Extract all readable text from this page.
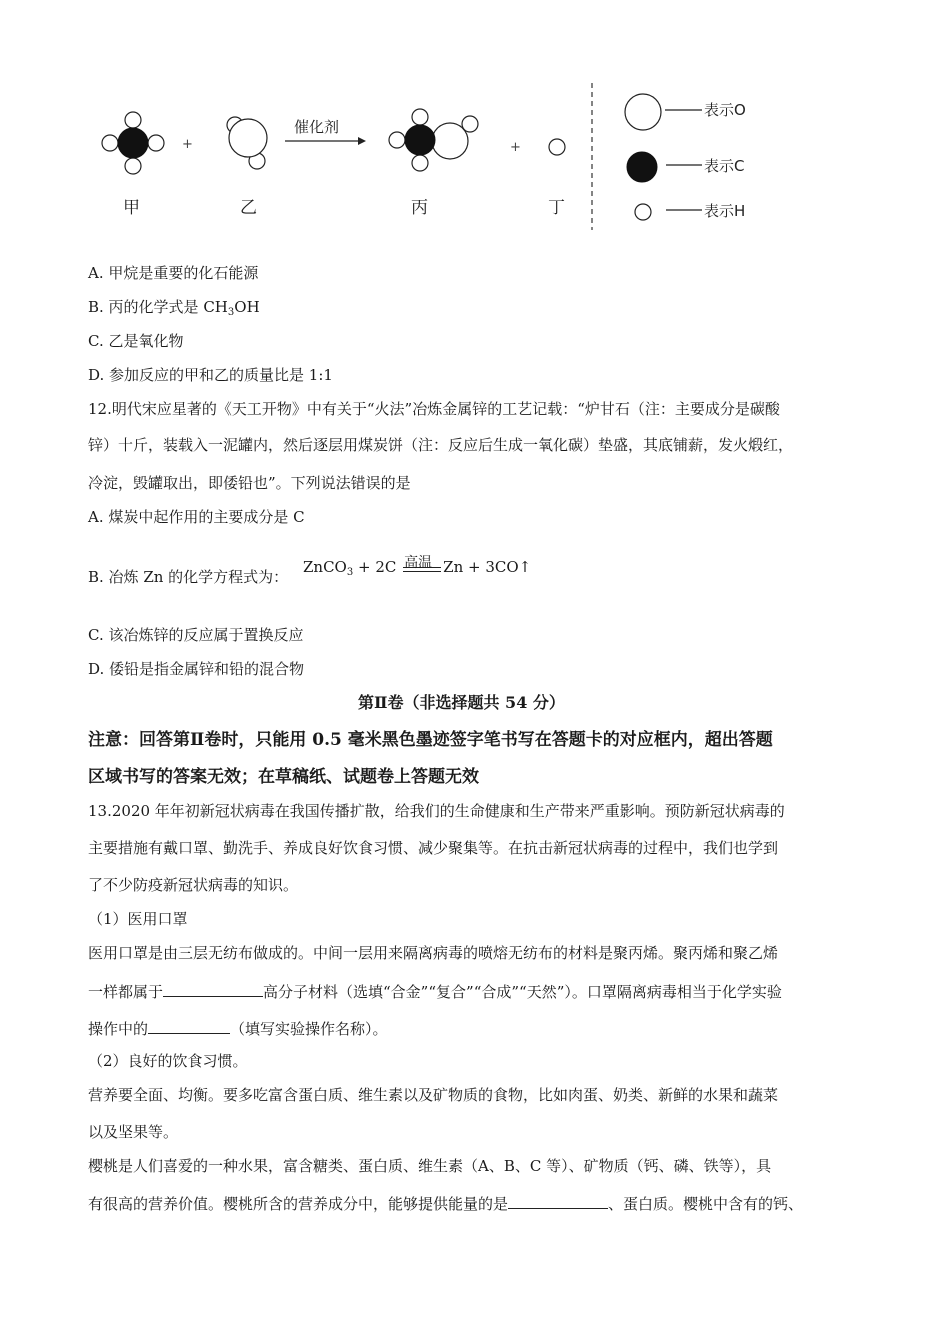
+
催化剂
+
甲	乙	丙	丁
表示O
表示C
表示H
A. 甲烷是重要的化石能源
B. 丙的化学式是 $CH_3OH$
C. 乙是氧化物
D. 参加反应的甲和乙的质量比是 1:1
12.明代宋应星著的《天工开物》中有关于“火法”冶炼金属锌的工艺记载：“炉甘石（注：主要成分是碳酸
锌）十斤，装载入一泥罐内，然后逐层用煤炭饼（注：反应后生成一氧化碳）垫盛，其底铺薪，发火煅红，
冷淀，毁罐取出，即倭铅也”。下列说法错误的是
A. 煤炭中起作用的主要成分是 C
B. 冶炼 Zn 的化学方程式为：
ZnCO$_3$ + 2C 高温 Zn + 3CO↑
C. 该冶炼锌的反应属于置换反应
D. 倭铅是指金属锌和铅的混合物
第Ⅱ卷（非选择题共 54 分）
注意：回答第Ⅱ卷时，只能用 0.5 毫米黑色墨迹签字笔书写在答题卡的对应框内，超出答题
区域书写的答案无效；在草稿纸、试题卷上答题无效
13.2020 年年初新冠状病毒在我国传播扩散，给我们的生命健康和生产带来严重影响。预防新冠状病毒的
主要措施有戴口罩、勤洗手、养成良好饮食习惯、减少聚集等。在抗击新冠状病毒的过程中，我们也学到
了不少防疫新冠状病毒的知识。
（1）医用口罩
医用口罩是由三层无纺布做成的。中间一层用来隔离病毒的喷熔无纺布的材料是聚丙烯。聚丙烯和聚乙烯
一样都属于	高分子材料（选填“合金”“复合”“合成”“天然”）。口罩隔离病毒相当于化学实验
操作中的	（填写实验操作名称）。
（2）良好的饮食习惯。
营养要全面、均衡。要多吃富含蛋白质、维生素以及矿物质的食物，比如肉蛋、奶类、新鲜的水果和蔬菜
以及坚果等。
樱桃是人们喜爱的一种水果，富含糖类、蛋白质、维生素（A、B、C 等）、矿物质（钙、磷、铁等），具
有很高的营养价值。樱桃所含的营养成分中，能够提供能量的是	、蛋白质。樱桃中含有的钙、
